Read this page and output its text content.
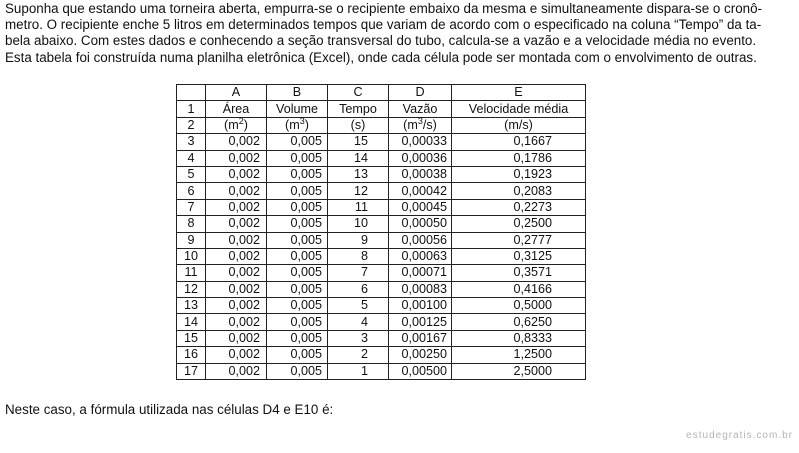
Suponha que estando uma torneira aberta, empurra-se o recipiente embaixo da mesma e simultaneamente dispara-se o cronô-
metro. O recipiente enche 5 litros em determinados tempos que variam de acordo com o especificado na coluna “Tempo” da ta-
bela abaixo. Com estes dados e conhecendo a seção transversal do tubo, calcula-se a vazão e a velocidade média no evento.
Esta tabela foi construída numa planilha eletrônica (Excel), onde cada célula pode ser montada com o envolvimento de outras.

	A	B	C	D	E
1	Área	Volume	Tempo	Vazão	Velocidade média
2	$(m^2)$	$(m^3)$	(s)	$(m^3/s)$	(m/s)
3	0,002	0,005	15	0,00033	0,1667
4	0,002	0,005	14	0,00036	0,1786
5	0,002	0,005	13	0,00038	0,1923
6	0,002	0,005	12	0,00042	0,2083
7	0,002	0,005	11	0,00045	0,2273
8	0,002	0,005	10	0,00050	0,2500
9	0,002	0,005	9	0,00056	0,2777
10	0,002	0,005	8	0,00063	0,3125
11	0,002	0,005	7	0,00071	0,3571
12	0,002	0,005	6	0,00083	0,4166
13	0,002	0,005	5	0,00100	0,5000
14	0,002	0,005	4	0,00125	0,6250
15	0,002	0,005	3	0,00167	0,8333
16	0,002	0,005	2	0,00250	1,2500
17	0,002	0,005	1	0,00500	2,5000

Neste caso, a fórmula utilizada nas células D4 e E10 é:

estudegratis.com.br
